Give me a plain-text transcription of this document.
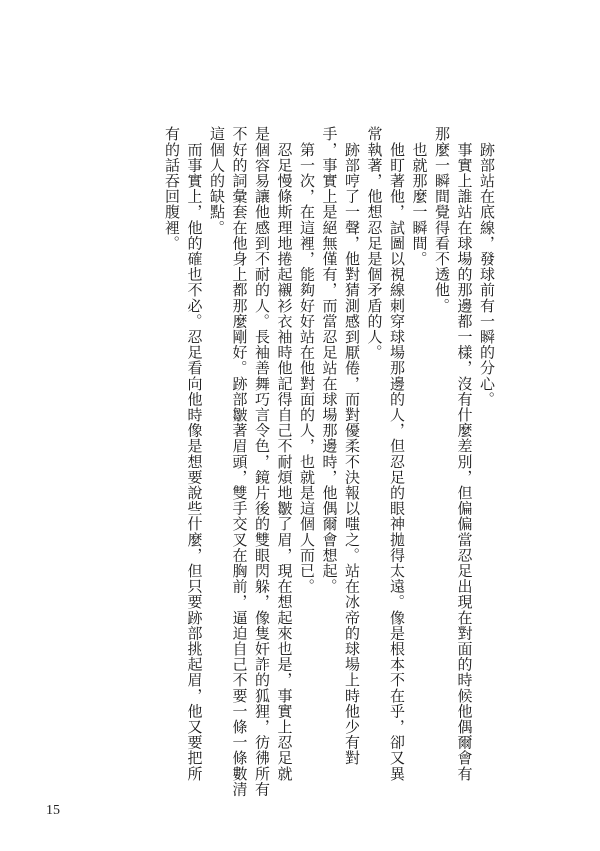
　跡部站在底線，發球前有一瞬的分心。
　事實上誰站在球場的那邊都一樣，沒有什麼差別，但偏偏當忍足出現在對面的時候他偶爾會有
那麼一瞬間覺得看不透他。
　也就那麼一瞬間。
　他盯著他，試圖以視線刺穿球場那邊的人，但忍足的眼神拋得太遠。像是根本不在乎，卻又異
常執著，他想忍足是個矛盾的人。
　跡部哼了一聲，他對猜測感到厭倦，而對優柔不決報以嗤之。站在冰帝的球場上時他少有對
手，事實上是絕無僅有，而當忍足站在球場那邊時，他偶爾會想起。
　第一次，在這裡，能夠好好站在他對面的人，也就是這個人而已。
　忍足慢條斯理地捲起襯衫衣袖時他記得自己不耐煩地皺了眉，現在想起來也是，事實上忍足就
是個容易讓他感到不耐的人。長袖善舞巧言令色，鏡片後的雙眼閃躲，像隻奸詐的狐狸，彷彿所有
不好的詞彙套在他身上都那麼剛好。跡部皺著眉頭，雙手交叉在胸前，逼迫自己不要一條一條數清
這個人的缺點。
　而事實上，他的確也不必。忍足看向他時像是想要說些什麼，但只要跡部挑起眉，他又要把所
有的話吞回腹裡。
15
